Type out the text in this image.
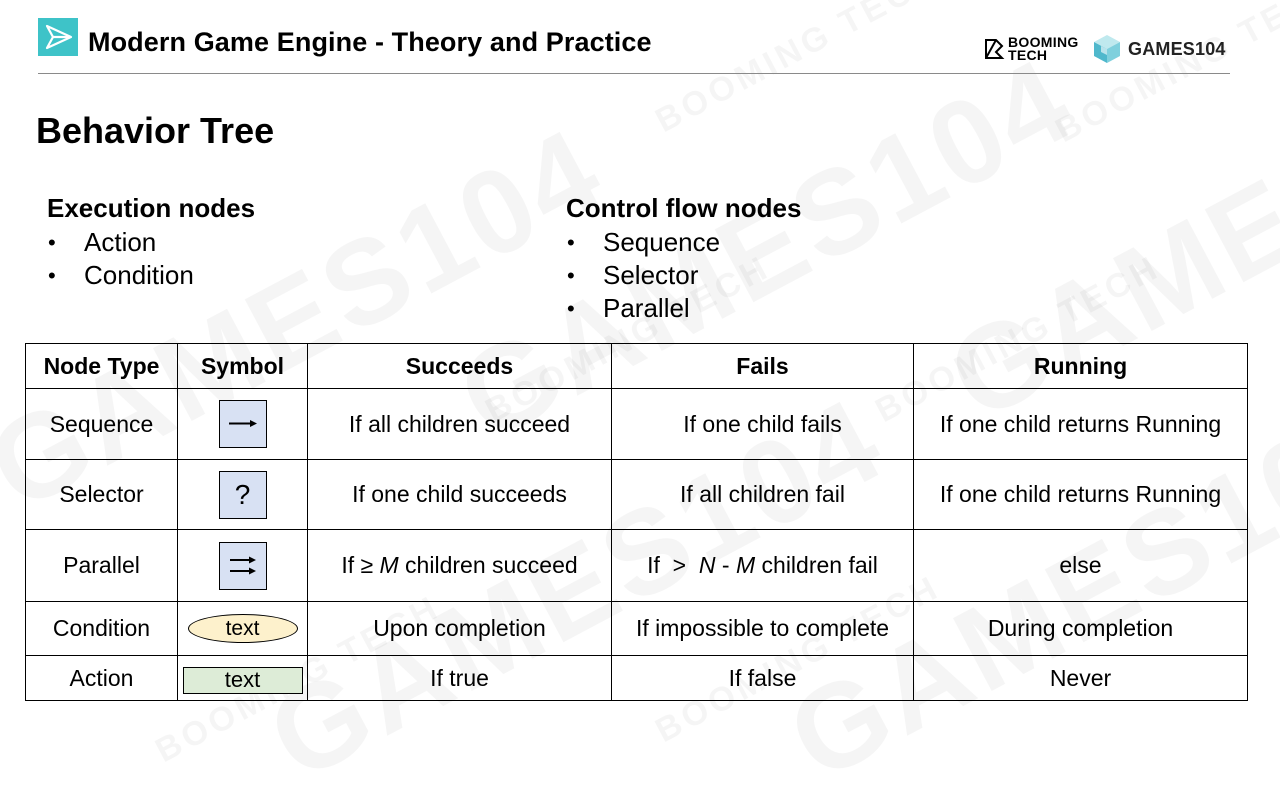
Modern Game Engine - Theory and Practice	BOOMING
TECH	GAMES104
Behavior Tree
Execution nodes
• Action
• Condition
Control flow nodes
• Sequence
• Selector
• Parallel
Node Type	Symbol	Succeeds	Fails	Running
Sequence		If all children succeed	If one child fails	If one child returns Running
Selector	?	If one child succeeds	If all children fail	If one child returns Running
Parallel		If ≥ M children succeed	If  >  N - M children fail	else
Condition	text	Upon completion	If impossible to complete	During completion
Action	text	If true	If false	Never
